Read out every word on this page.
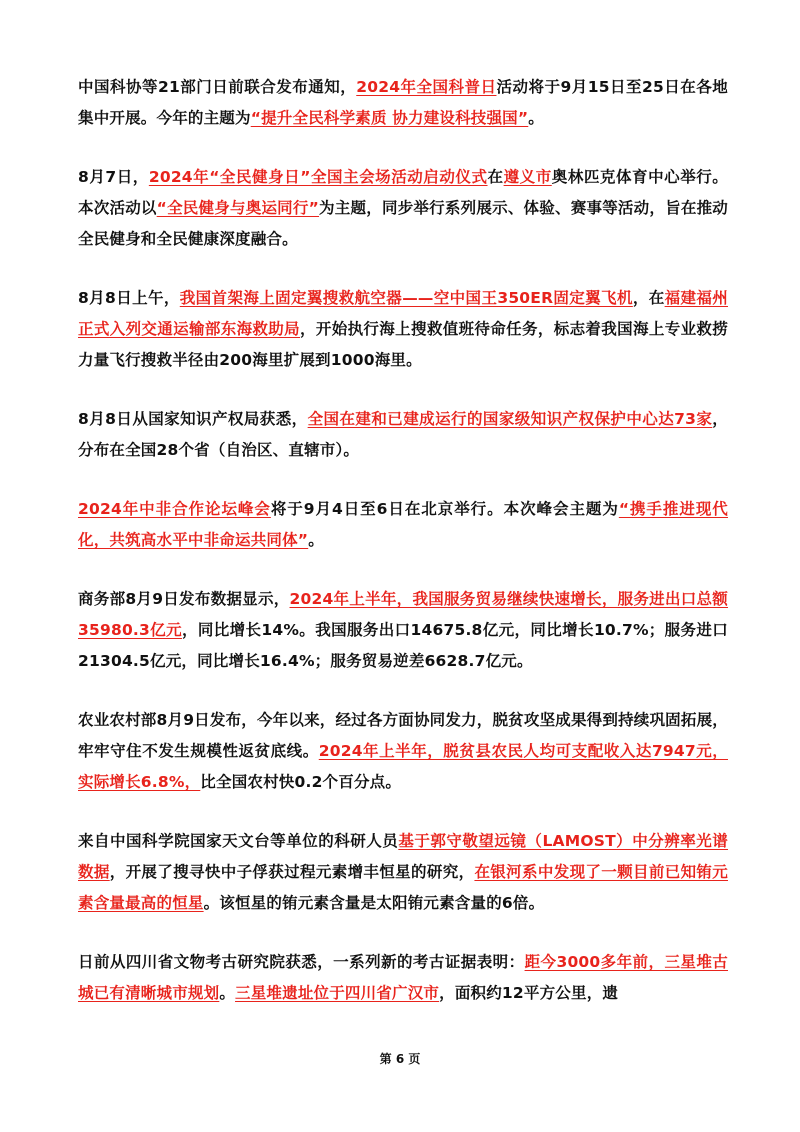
中国科协等21部门日前联合发布通知，2024年全国科普日活动将于9月15日至25日在各地集中开展。今年的主题为“提升全民科学素质 协力建设科技强国”。

8月7日，2024年“全民健身日”全国主会场活动启动仪式在遵义市奥林匹克体育中心举行。本次活动以“全民健身与奥运同行”为主题，同步举行系列展示、体验、赛事等活动，旨在推动全民健身和全民健康深度融合。

8月8日上午，我国首架海上固定翼搜救航空器——空中国王350ER固定翼飞机，在福建福州正式入列交通运输部东海救助局，开始执行海上搜救值班待命任务，标志着我国海上专业救捞力量飞行搜救半径由200海里扩展到1000海里。

8月8日从国家知识产权局获悉，全国在建和已建成运行的国家级知识产权保护中心达73家，分布在全国28个省（自治区、直辖市）。

2024年中非合作论坛峰会将于9月4日至6日在北京举行。本次峰会主题为“携手推进现代化，共筑高水平中非命运共同体”。

商务部8月9日发布数据显示，2024年上半年，我国服务贸易继续快速增长，服务进出口总额35980.3亿元，同比增长14%。我国服务出口14675.8亿元，同比增长10.7%；服务进口21304.5亿元，同比增长16.4%；服务贸易逆差6628.7亿元。

农业农村部8月9日发布，今年以来，经过各方面协同发力，脱贫攻坚成果得到持续巩固拓展，牢牢守住不发生规模性返贫底线。2024年上半年，脱贫县农民人均可支配收入达7947元，实际增长6.8%，比全国农村快0.2个百分点。

来自中国科学院国家天文台等单位的科研人员基于郭守敬望远镜（LAMOST）中分辨率光谱数据，开展了搜寻快中子俘获过程元素增丰恒星的研究，在银河系中发现了一颗目前已知铕元素含量最高的恒星。该恒星的铕元素含量是太阳铕元素含量的6倍。

日前从四川省文物考古研究院获悉，一系列新的考古证据表明：距今3000多年前，三星堆古城已有清晰城市规划。三星堆遗址位于四川省广汉市，面积约12平方公里，遗

第 6 页
